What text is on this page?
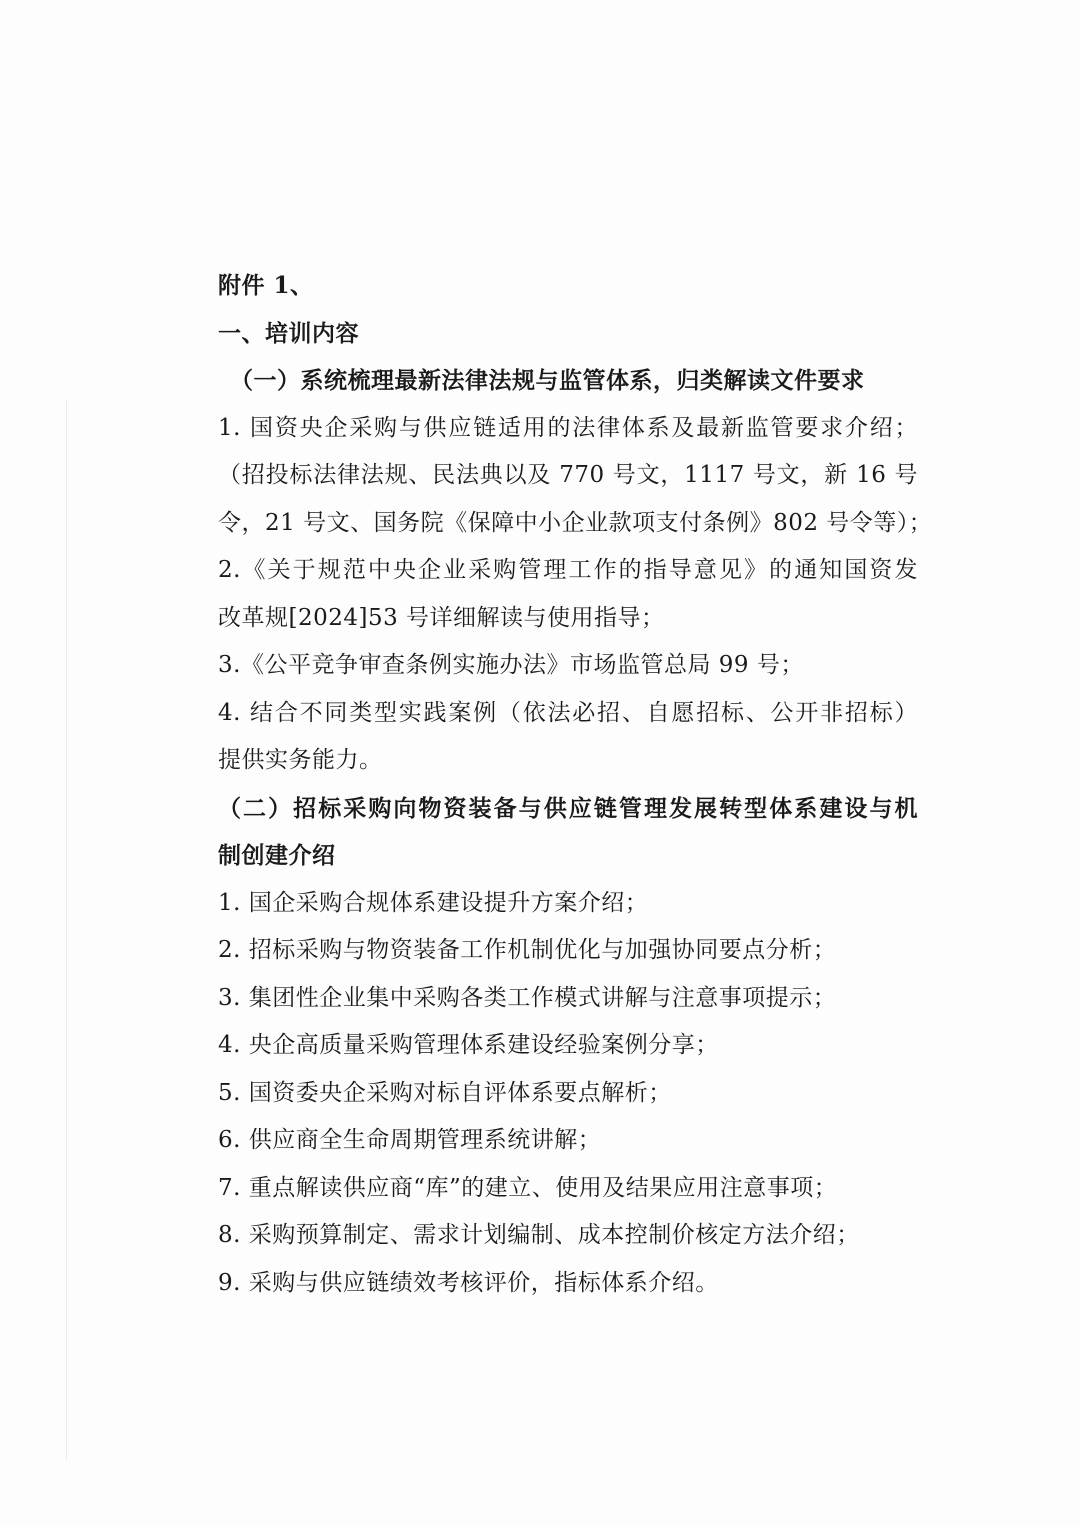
附件 1、
一、培训内容
（一）系统梳理最新法律法规与监管体系，归类解读文件要求
1. 国资央企采购与供应链适用的法律体系及最新监管要求介绍；
（招投标法律法规、民法典以及 770 号文，1117 号文，新 16 号
令，21 号文、国务院《保障中小企业款项支付条例》802 号令等）；
2.《关于规范中央企业采购管理工作的指导意见》的通知国资发
改革规[2024]53 号详细解读与使用指导；
3.《公平竞争审查条例实施办法》市场监管总局 99 号；
4. 结合不同类型实践案例（依法必招、自愿招标、公开非招标）
提供实务能力。
（二）招标采购向物资装备与供应链管理发展转型体系建设与机
制创建介绍
1. 国企采购合规体系建设提升方案介绍；
2. 招标采购与物资装备工作机制优化与加强协同要点分析；
3. 集团性企业集中采购各类工作模式讲解与注意事项提示；
4. 央企高质量采购管理体系建设经验案例分享；
5. 国资委央企采购对标自评体系要点解析；
6. 供应商全生命周期管理系统讲解；
7. 重点解读供应商“库”的建立、使用及结果应用注意事项；
8. 采购预算制定、需求计划编制、成本控制价核定方法介绍；
9. 采购与供应链绩效考核评价，指标体系介绍。
